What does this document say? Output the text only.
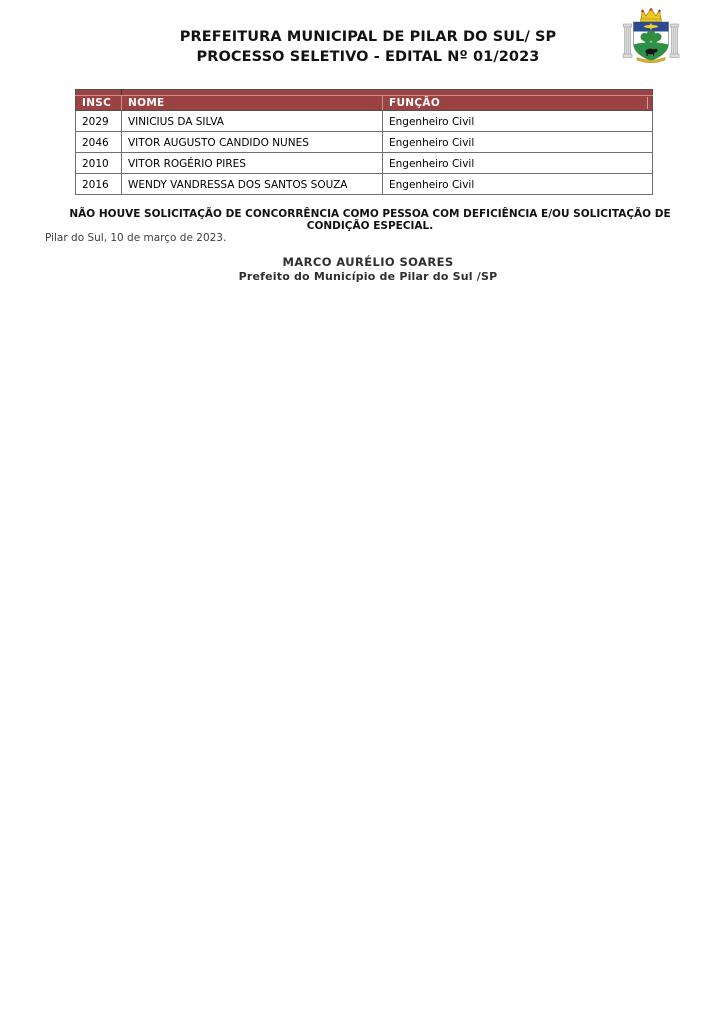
PREFEITURA MUNICIPAL DE PILAR DO SUL/ SP
PROCESSO SELETIVO - EDITAL Nº 01/2023

INSC	NOME	FUNÇÃO
2029	VINICIUS DA SILVA	Engenheiro Civil
2046	VITOR AUGUSTO CANDIDO NUNES	Engenheiro Civil
2010	VITOR ROGÉRIO PIRES	Engenheiro Civil
2016	WENDY VANDRESSA DOS SANTOS SOUZA	Engenheiro Civil
NÃO HOUVE SOLICITAÇÃO DE CONCORRÊNCIA COMO PESSOA COM DEFICIÊNCIA E/OU SOLICITAÇÃO DE CONDIÇÃO ESPECIAL.
Pilar do Sul, 10 de março de 2023.
MARCO AURÉLIO SOARES
Prefeito do Município de Pilar do Sul /SP
